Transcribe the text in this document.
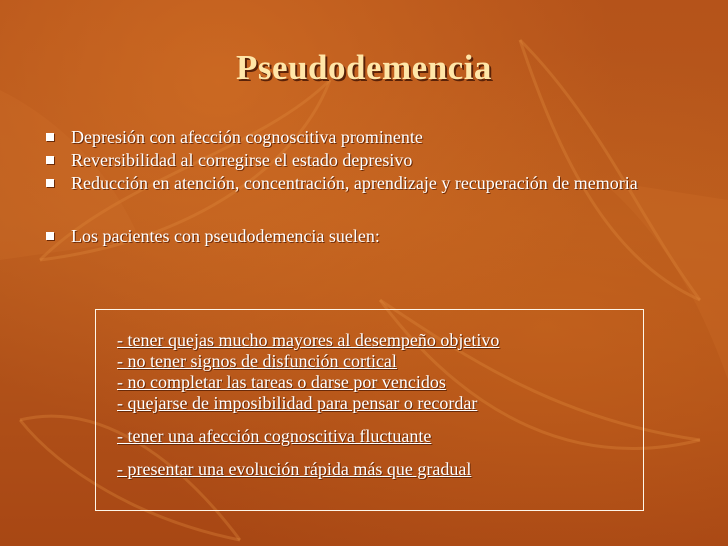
Pseudodemencia
Depresión con afección cognoscitiva prominente
Reversibilidad al corregirse el estado depresivo
Reducción en atención, concentración, aprendizaje y recuperación de memoria
Los pacientes con pseudodemencia suelen:
- tener quejas mucho mayores al desempeño objetivo
- no tener signos de disfunción cortical
- no completar las tareas o darse por vencidos
- quejarse de imposibilidad para pensar o recordar
- tener una afección cognoscitiva fluctuante
- presentar una evolución rápida más que gradual
